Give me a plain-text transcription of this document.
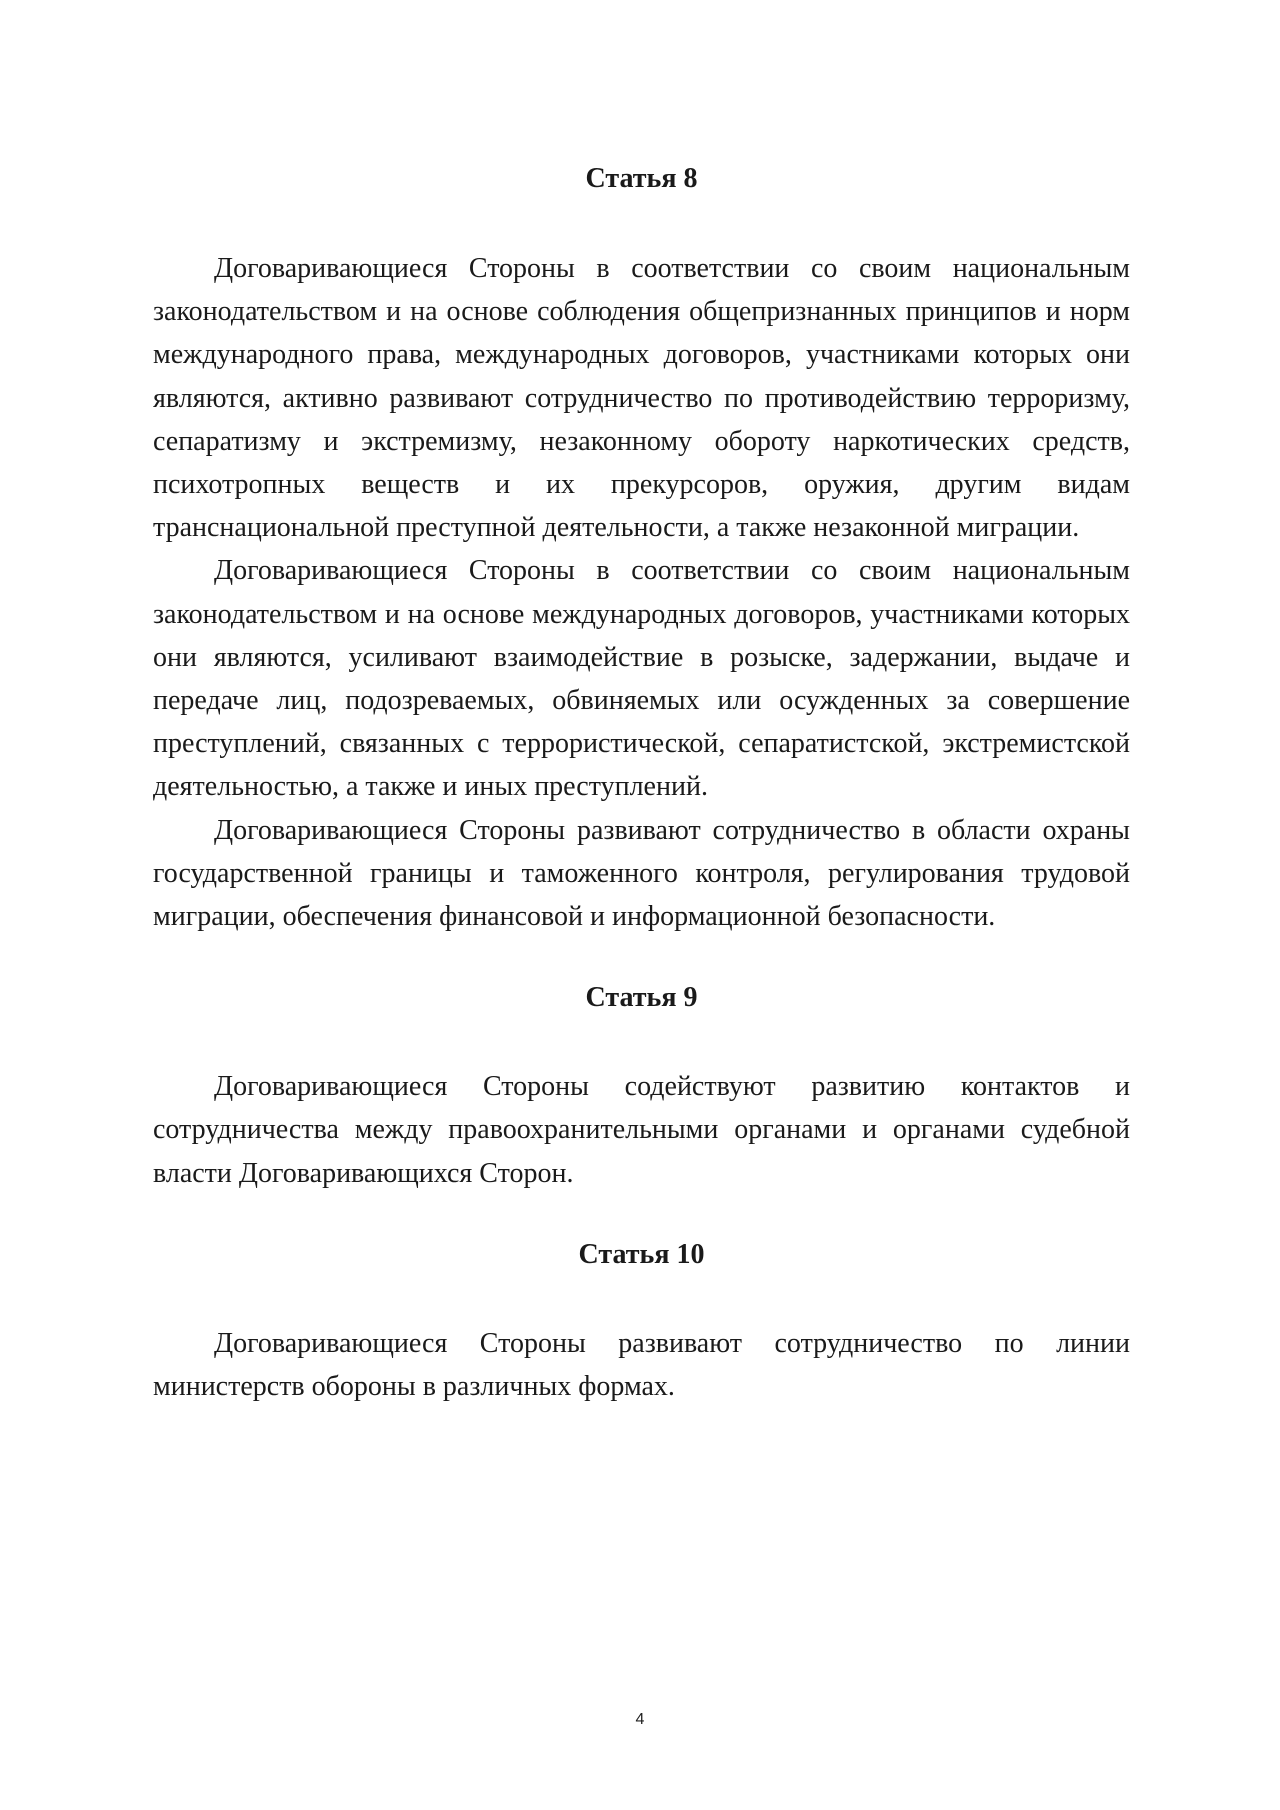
Статья 8

Договаривающиеся Стороны в соответствии со своим национальным законодательством и на основе соблюдения общепризнанных принципов и норм международного права, международных договоров, участниками которых они являются, активно развивают сотрудничество по противодействию терроризму, сепаратизму и экстремизму, незаконному обороту наркотических средств, психотропных веществ и их прекурсоров, оружия, другим видам транснациональной преступной деятельности, а также незаконной миграции.

Договаривающиеся Стороны в соответствии со своим национальным законодательством и на основе международных договоров, участниками которых они являются, усиливают взаимодействие в розыске, задержании, выдаче и передаче лиц, подозреваемых, обвиняемых или осужденных за совершение преступлений, связанных с террористической, сепаратистской, экстремистской деятельностью, а также и иных преступлений.

Договаривающиеся Стороны развивают сотрудничество в области охраны государственной границы и таможенного контроля, регулирования трудовой миграции, обеспечения финансовой и информационной безопасности.

Статья 9

Договаривающиеся Стороны содействуют развитию контактов и сотрудничества между правоохранительными органами и органами судебной власти Договаривающихся Сторон.

Статья 10

Договаривающиеся Стороны развивают сотрудничество по линии министерств обороны в различных формах.

4
